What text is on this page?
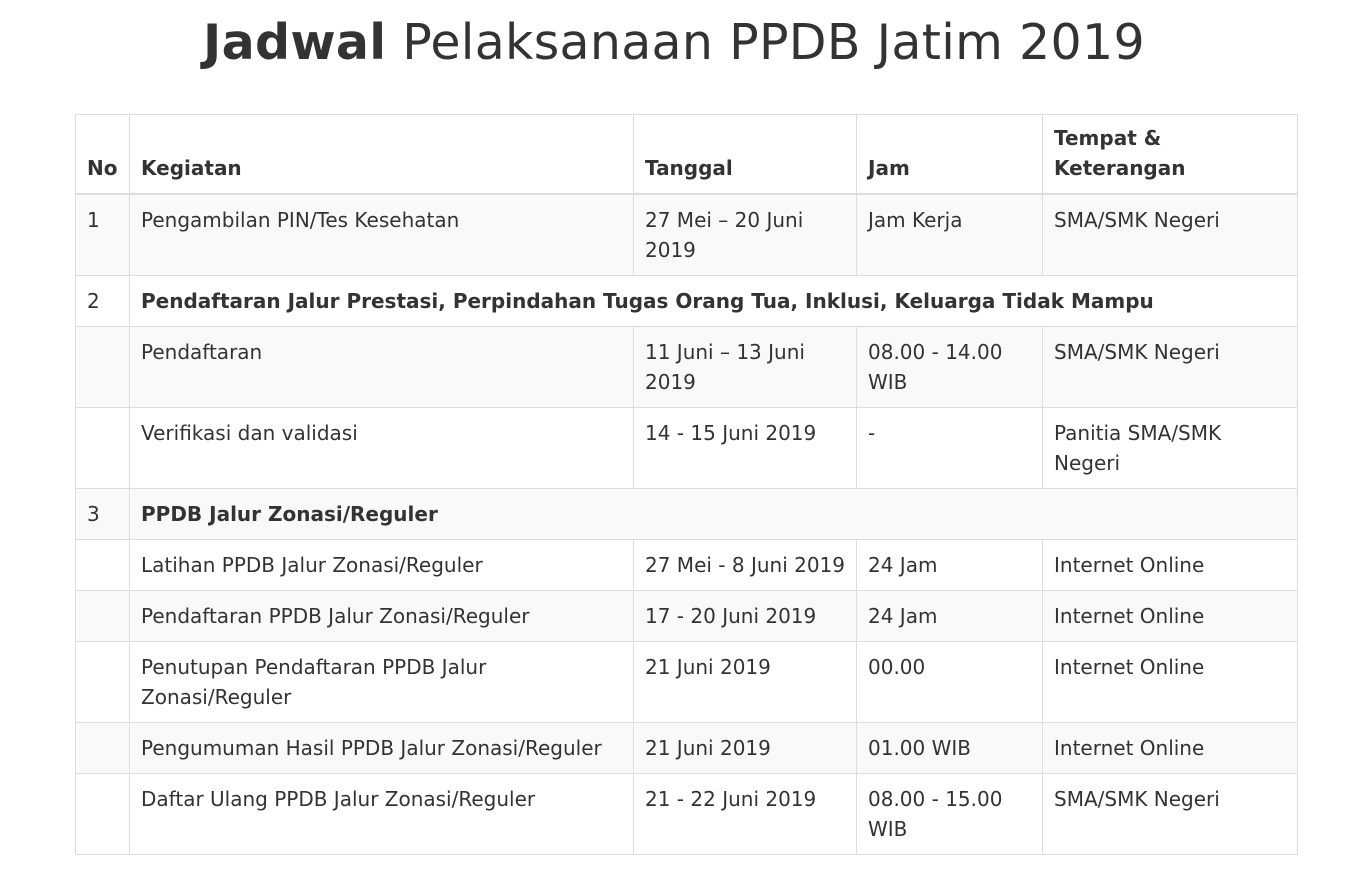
Jadwal Pelaksanaan PPDB Jatim 2019
No	Kegiatan	Tanggal	Jam	Tempat & Keterangan
1	Pengambilan PIN/Tes Kesehatan	27 Mei – 20 Juni 2019	Jam Kerja	SMA/SMK Negeri
2	Pendaftaran Jalur Prestasi, Perpindahan Tugas Orang Tua, Inklusi, Keluarga Tidak Mampu			
	Pendaftaran	11 Juni – 13 Juni 2019	08.00 - 14.00 WIB	SMA/SMK Negeri
	Verifikasi dan validasi	14 - 15 Juni 2019	-	Panitia SMA/SMK Negeri
3	PPDB Jalur Zonasi/Reguler			
	Latihan PPDB Jalur Zonasi/Reguler	27 Mei - 8 Juni 2019	24 Jam	Internet Online
	Pendaftaran PPDB Jalur Zonasi/Reguler	17 - 20 Juni 2019	24 Jam	Internet Online
	Penutupan Pendaftaran PPDB Jalur Zonasi/Reguler	21 Juni 2019	00.00	Internet Online
	Pengumuman Hasil PPDB Jalur Zonasi/Reguler	21 Juni 2019	01.00 WIB	Internet Online
	Daftar Ulang PPDB Jalur Zonasi/Reguler	21 - 22 Juni 2019	08.00 - 15.00 WIB	SMA/SMK Negeri
